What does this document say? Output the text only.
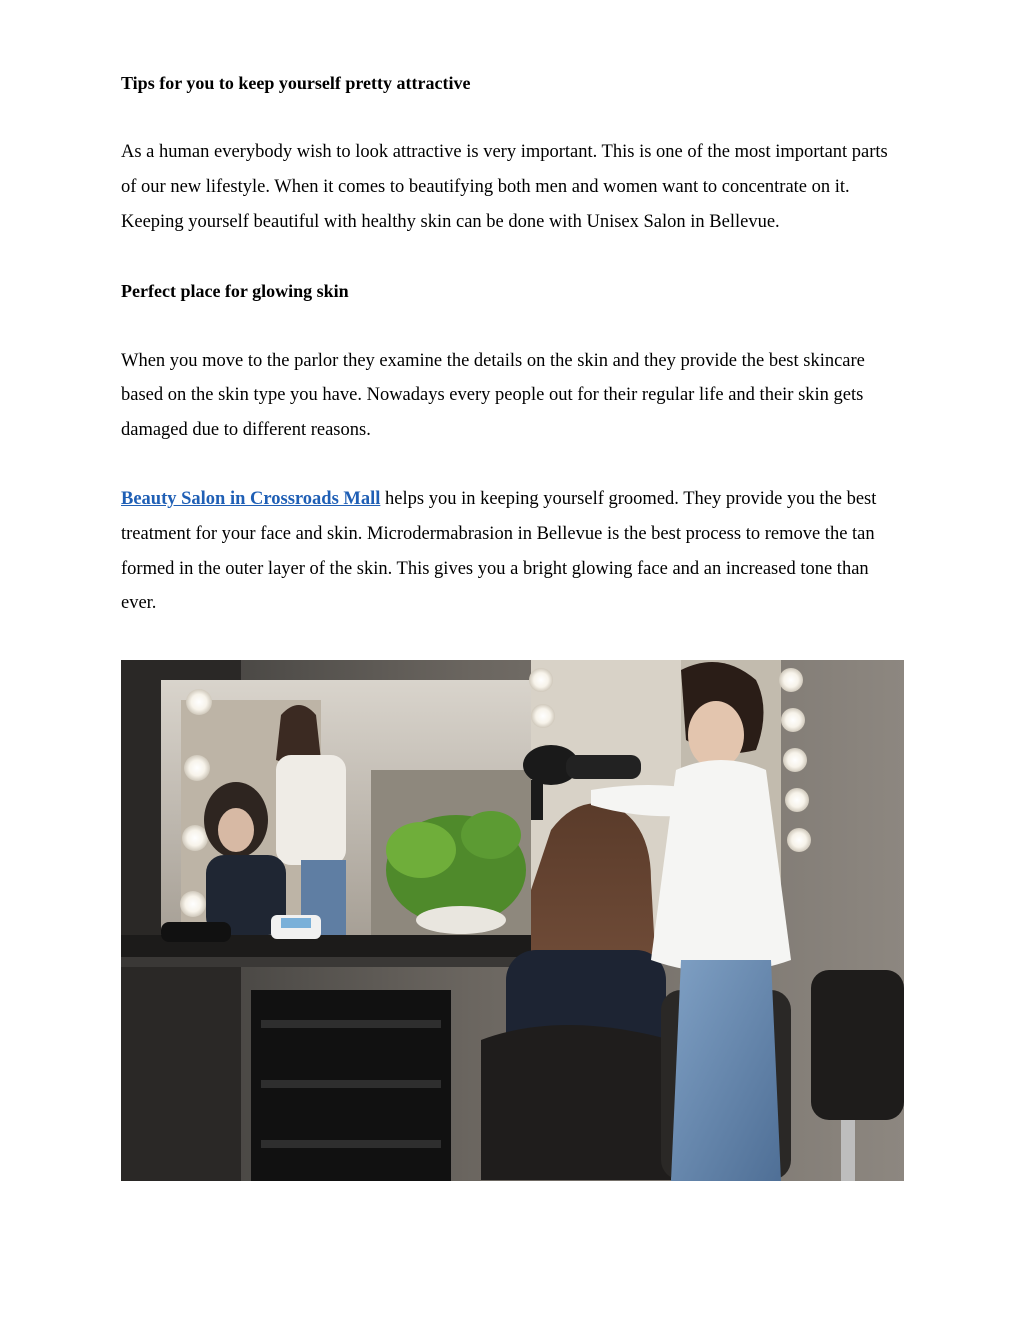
Tips for you to keep yourself pretty attractive

As a human everybody wish to look attractive is very important. This is one of the most important parts of our new lifestyle. When it comes to beautifying both men and women want to concentrate on it. Keeping yourself beautiful with healthy skin can be done with Unisex Salon in Bellevue.

Perfect place for glowing skin

When you move to the parlor they examine the details on the skin and they provide the best skincare based on the skin type you have. Nowadays every people out for their regular life and their skin gets damaged due to different reasons.

Beauty Salon in Crossroads Mall helps you in keeping yourself groomed. They provide you the best treatment for your face and skin. Microdermabrasion in Bellevue is the best process to remove the tan formed in the outer layer of the skin. This gives you a bright glowing face and an increased tone than ever.
